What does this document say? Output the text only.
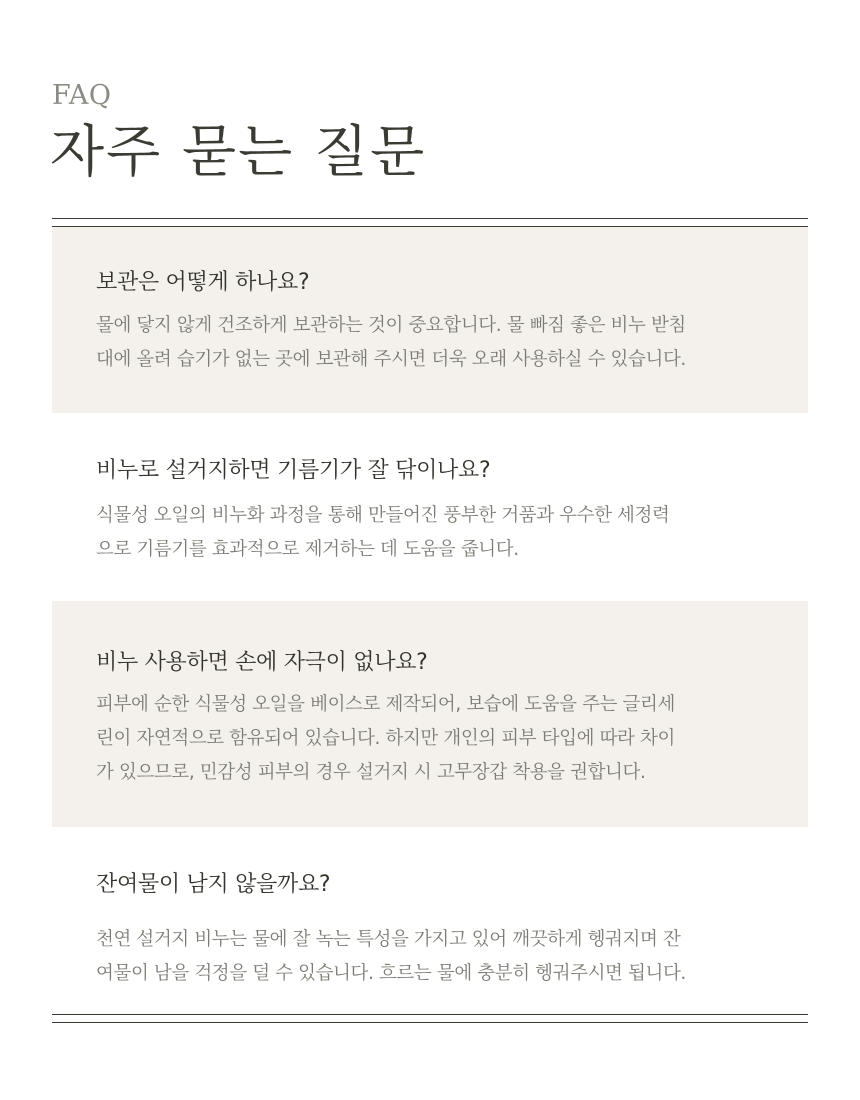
FAQ
자주 묻는 질문
보관은 어떻게 하나요?
물에 닿지 않게 건조하게 보관하는 것이 중요합니다. 물 빠짐 좋은 비누 받침
대에 올려 습기가 없는 곳에 보관해 주시면 더욱 오래 사용하실 수 있습니다.
비누로 설거지하면 기름기가 잘 닦이나요?
식물성 오일의 비누화 과정을 통해 만들어진 풍부한 거품과 우수한 세정력
으로 기름기를 효과적으로 제거하는 데 도움을 줍니다.
비누 사용하면 손에 자극이 없나요?
피부에 순한 식물성 오일을 베이스로 제작되어, 보습에 도움을 주는 글리세
린이 자연적으로 함유되어 있습니다. 하지만 개인의 피부 타입에 따라 차이
가 있으므로, 민감성 피부의 경우 설거지 시 고무장갑 착용을 권합니다.
잔여물이 남지 않을까요?
천연 설거지 비누는 물에 잘 녹는 특성을 가지고 있어 깨끗하게 헹궈지며 잔
여물이 남을 걱정을 덜 수 있습니다. 흐르는 물에 충분히 헹궈주시면 됩니다.
